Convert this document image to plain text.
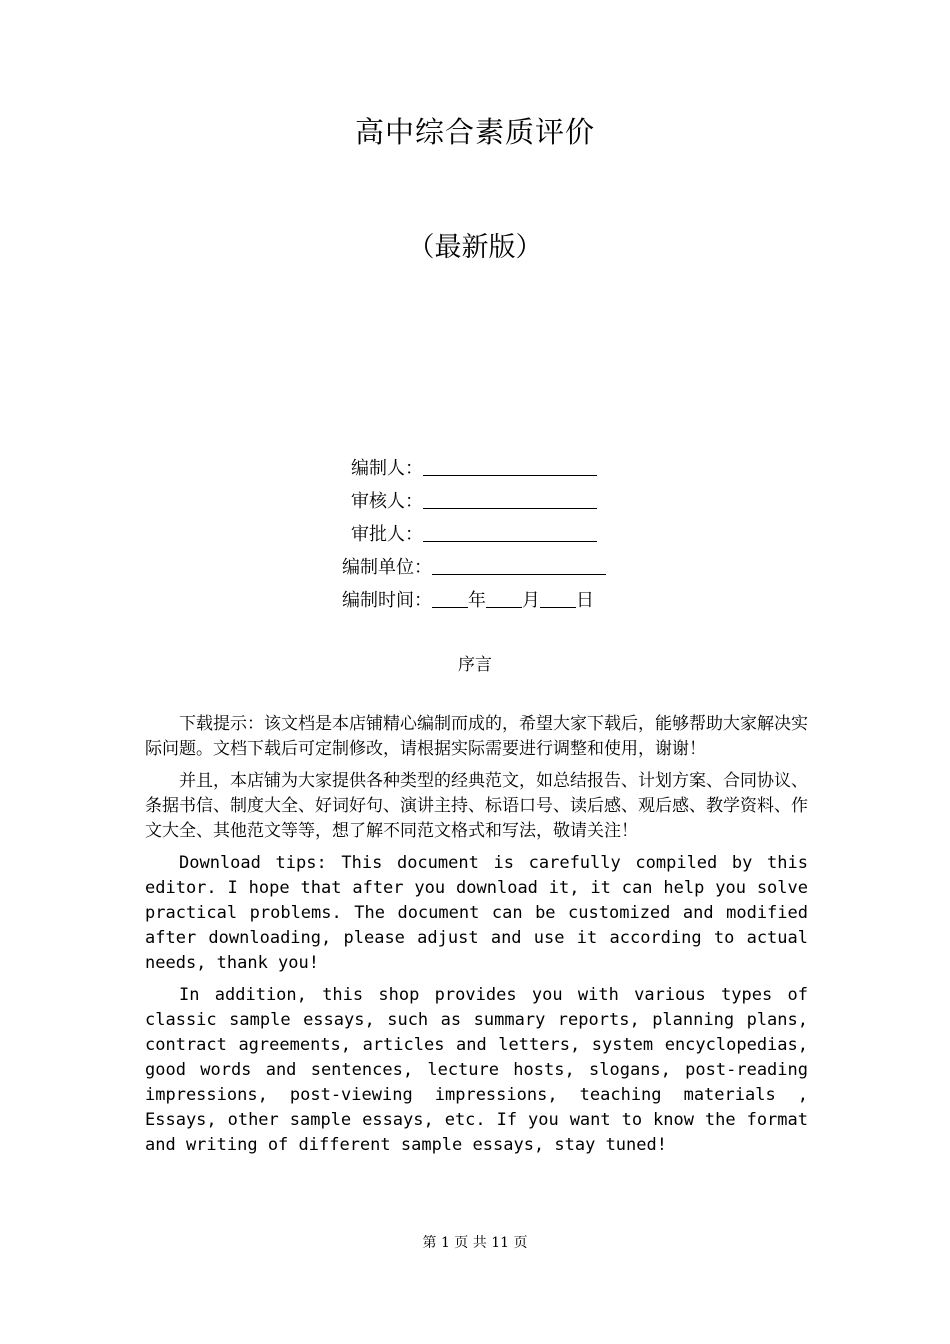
高中综合素质评价
（最新版）
编制人：
审核人：
审批人：
编制单位：
编制时间： 年 月 日
序言

下载提示：该文档是本店铺精心编制而成的，希望大家下载后，能够帮助大家解决实际问题。文档下载后可定制修改，请根据实际需要进行调整和使用，谢谢！

并且，本店铺为大家提供各种类型的经典范文，如总结报告、计划方案、合同协议、条据书信、制度大全、好词好句、演讲主持、标语口号、读后感、观后感、教学资料、作文大全、其他范文等等，想了解不同范文格式和写法，敬请关注！

Download tips: This document is carefully compiled by this editor. I hope that after you download it, it can help you solve practical problems. The document can be customized and modified after downloading, please adjust and use it according to actual needs, thank you!

In addition, this shop provides you with various types of classic sample essays, such as summary reports, planning plans, contract agreements, articles and letters, system encyclopedias, good words and sentences, lecture hosts, slogans, post-reading impressions, post-viewing impressions, teaching materials , Essays, other sample essays, etc. If you want to know the format and writing of different sample essays, stay tuned!

第 1 页 共 11 页
